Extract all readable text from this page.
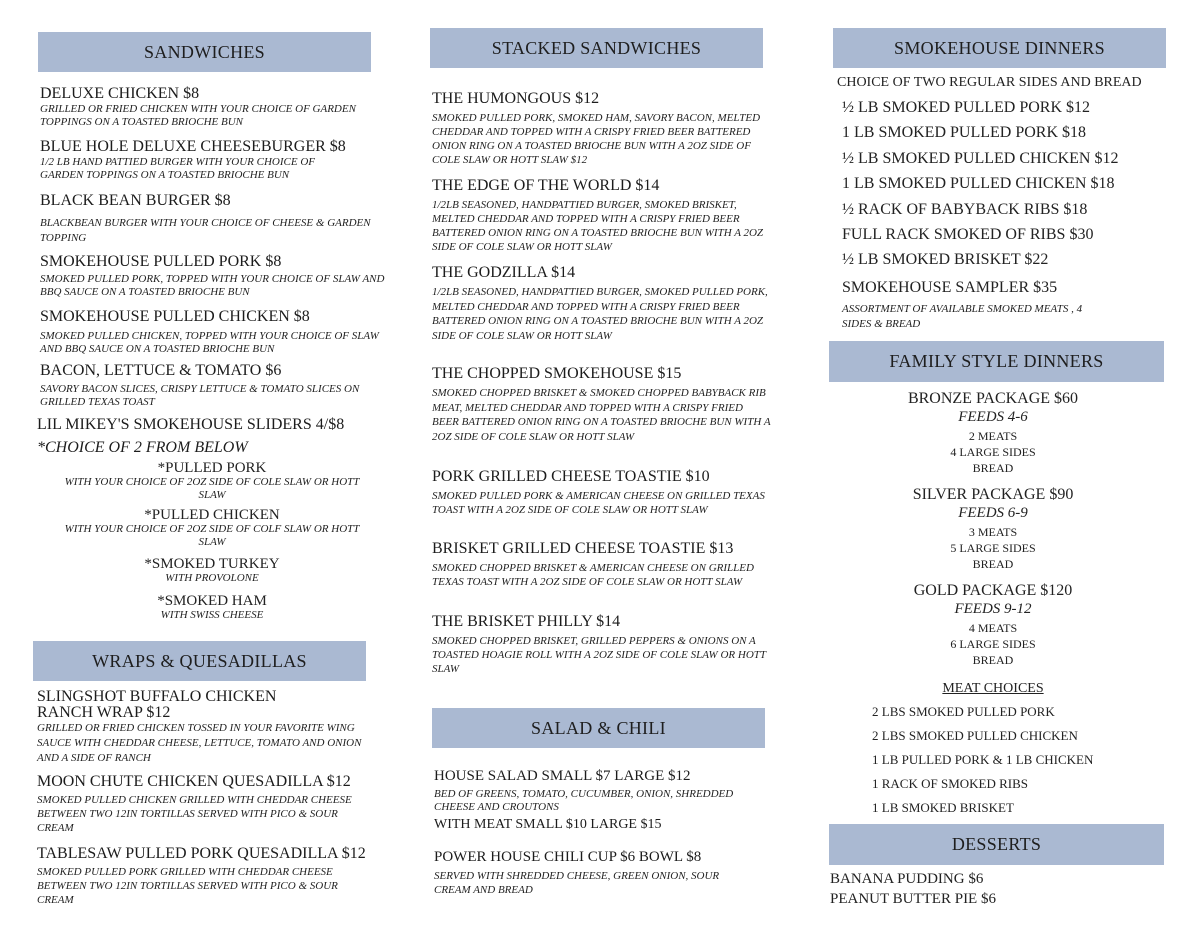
SANDWICHES
DELUXE CHICKEN $8
GRILLED OR FRIED CHICKEN WITH YOUR CHOICE OF GARDEN TOPPINGS ON A TOASTED BRIOCHE BUN
BLUE HOLE DELUXE CHEESEBURGER $8
1/2 LB HAND PATTIED BURGER WITH YOUR CHOICE OF GARDEN TOPPINGS ON A TOASTED BRIOCHE BUN
BLACK BEAN BURGER $8
BLACKBEAN BURGER WITH YOUR CHOICE OF CHEESE & GARDEN TOPPING
SMOKEHOUSE PULLED PORK $8
SMOKED PULLED PORK, TOPPED WITH YOUR CHOICE OF SLAW AND BBQ SAUCE ON A TOASTED BRIOCHE BUN
SMOKEHOUSE PULLED CHICKEN $8
SMOKED PULLED CHICKEN, TOPPED WITH YOUR CHOICE OF SLAW AND BBQ SAUCE ON A TOASTED BRIOCHE BUN
BACON, LETTUCE & TOMATO $6
SAVORY BACON SLICES, CRISPY LETTUCE & TOMATO SLICES ON GRILLED TEXAS TOAST
LIL MIKEY'S SMOKEHOUSE SLIDERS 4/$8
*CHOICE OF 2 FROM BELOW
*PULLED PORK
WITH YOUR CHOICE OF 2OZ SIDE OF COLE SLAW OR HOTT SLAW
*PULLED CHICKEN
WITH YOUR CHOICE OF 2OZ SIDE OF COLF SLAW OR HOTT SLAW
*SMOKED TURKEY
WITH PROVOLONE
*SMOKED HAM
WITH SWISS CHEESE
WRAPS & QUESADILLAS
SLINGSHOT BUFFALO CHICKEN RANCH WRAP $12
GRILLED OR FRIED CHICKEN TOSSED IN YOUR FAVORITE WING SAUCE WITH CHEDDAR CHEESE, LETTUCE, TOMATO AND ONION AND A SIDE OF RANCH
MOON CHUTE CHICKEN QUESADILLA $12
SMOKED PULLED CHICKEN GRILLED WITH CHEDDAR CHEESE BETWEEN TWO 12IN TORTILLAS SERVED WITH PICO & SOUR CREAM
TABLESAW PULLED PORK QUESADILLA $12
SMOKED PULLED PORK GRILLED WITH CHEDDAR CHEESE BETWEEN TWO 12IN TORTILLAS SERVED WITH PICO & SOUR CREAM
STACKED SANDWICHES
THE HUMONGOUS $12
SMOKED PULLED PORK, SMOKED HAM, SAVORY BACON, MELTED CHEDDAR AND TOPPED WITH A CRISPY FRIED BEER BATTERED ONION RING ON A TOASTED BRIOCHE BUN WITH A 2OZ SIDE OF COLE SLAW OR HOTT SLAW $12
THE EDGE OF THE WORLD $14
1/2LB SEASONED, HANDPATTIED BURGER, SMOKED BRISKET, MELTED CHEDDAR AND TOPPED WITH A CRISPY FRIED BEER BATTERED ONION RING ON A TOASTED BRIOCHE BUN WITH A 2OZ SIDE OF COLE SLAW OR HOTT SLAW
THE GODZILLA $14
1/2LB SEASONED, HANDPATTIED BURGER, SMOKED PULLED PORK, MELTED CHEDDAR AND TOPPED WITH A CRISPY FRIED BEER BATTERED ONION RING ON A TOASTED BRIOCHE BUN WITH A 2OZ SIDE OF COLE SLAW OR HOTT SLAW
THE CHOPPED SMOKEHOUSE $15
SMOKED CHOPPED BRISKET & SMOKED CHOPPED BABYBACK RIB MEAT, MELTED CHEDDAR AND TOPPED WITH A CRISPY FRIED BEER BATTERED ONION RING ON A TOASTED BRIOCHE BUN WITH A 2OZ SIDE OF COLE SLAW OR HOTT SLAW
PORK GRILLED CHEESE TOASTIE $10
SMOKED PULLED PORK & AMERICAN CHEESE ON GRILLED TEXAS TOAST WITH A 2OZ SIDE OF COLE SLAW OR HOTT SLAW
BRISKET GRILLED CHEESE TOASTIE $13
SMOKED CHOPPED BRISKET & AMERICAN CHEESE ON GRILLED TEXAS TOAST WITH A 2OZ SIDE OF COLE SLAW OR HOTT SLAW
THE BRISKET PHILLY $14
SMOKED CHOPPED BRISKET, GRILLED PEPPERS & ONIONS ON A TOASTED HOAGIE ROLL WITH A 2OZ SIDE OF COLE SLAW OR HOTT SLAW
SALAD & CHILI
HOUSE SALAD SMALL $7 LARGE $12
BED OF GREENS, TOMATO, CUCUMBER, ONION, SHREDDED CHEESE AND CROUTONS
WITH MEAT SMALL $10 LARGE $15
POWER HOUSE CHILI CUP $6 BOWL $8
SERVED WITH SHREDDED CHEESE, GREEN ONION, SOUR CREAM AND BREAD
SMOKEHOUSE DINNERS
CHOICE OF TWO REGULAR SIDES AND BREAD
½ LB SMOKED PULLED PORK $12
1 LB SMOKED PULLED PORK $18
½ LB SMOKED PULLED CHICKEN $12
1 LB SMOKED PULLED CHICKEN $18
½ RACK OF BABYBACK RIBS $18
FULL RACK SMOKED OF RIBS $30
½ LB SMOKED BRISKET $22
SMOKEHOUSE SAMPLER $35
ASSORTMENT OF AVAILABLE SMOKED MEATS , 4 SIDES & BREAD
FAMILY STYLE DINNERS
BRONZE PACKAGE $60
FEEDS 4-6
2 MEATS
4 LARGE SIDES
BREAD
SILVER PACKAGE $90
FEEDS 6-9
3 MEATS
5 LARGE SIDES
BREAD
GOLD PACKAGE $120
FEEDS 9-12
4 MEATS
6 LARGE SIDES
BREAD
MEAT CHOICES
2 LBS SMOKED PULLED PORK
2 LBS SMOKED PULLED CHICKEN
1 LB PULLED PORK & 1 LB CHICKEN
1 RACK OF SMOKED RIBS
1 LB SMOKED BRISKET
DESSERTS
BANANA PUDDING $6
PEANUT BUTTER PIE $6
